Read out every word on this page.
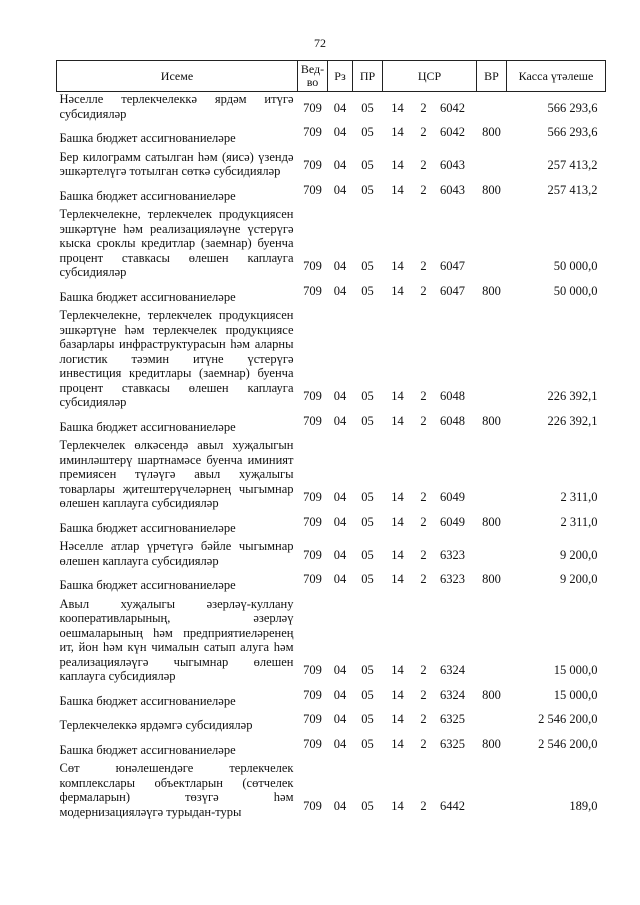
72
Исеме	Вед-во	Рз	ПР	ЦСР	ВР	Касса үтәлеше
Нәселле терлекчелеккә ярдәм итүгә субсидияләр	709	04	05	14 2 6042		566 293,6

Башка бюджет ассигнованиеләре	709	04	05	14 2 6042	800	566 293,6

Бер килограмм сатылган һәм (яисә) үзендә эшкәртелүгә тотылган сөткә субсидияләр	709	04	05	14 2 6043		257 413,2

Башка бюджет ассигнованиеләре	709	04	05	14 2 6043	800	257 413,2

Терлекчелекне, терлекчелек продукциясен эшкәртүне һәм реализацияләүне үстерүгә кыска сроклы кредитлар (заемнар) буенча процент ставкасы өлешен каплауга субсидияләр	709	04	05	14 2 6047		50 000,0

Башка бюджет ассигнованиеләре	709	04	05	14 2 6047	800	50 000,0

Терлекчелекне, терлекчелек продукциясен эшкәртүне һәм терлекчелек продукциясе базарлары инфраструктурасын һәм аларны логистик тәэмин итүне үстерүгә инвестиция кредитлары (заемнар) буенча процент ставкасы өлешен каплауга субсидияләр	709	04	05	14 2 6048		226 392,1

Башка бюджет ассигнованиеләре	709	04	05	14 2 6048	800	226 392,1

Терлекчелек өлкәсендә авыл хуҗалыгын иминләштерү шартнамәсе буенча иминият премиясен түләүгә авыл хуҗалыгы товарлары җитештерүчеләрнең чыгымнар өлешен каплауга субсидияләр	709	04	05	14 2 6049		2 311,0

Башка бюджет ассигнованиеләре	709	04	05	14 2 6049	800	2 311,0

Нәселле атлар үрчетүгә бәйле чыгымнар өлешен каплауга субсидияләр	709	04	05	14 2 6323		9 200,0

Башка бюджет ассигнованиеләре	709	04	05	14 2 6323	800	9 200,0

Авыл хуҗалыгы әзерләү-куллану кооперативларының, әзерләү оешмаларының һәм предприятиеләренең ит, йон һәм күн чималын сатып алуга һәм реализацияләүгә чыгымнар өлешен каплауга субсидияләр	709	04	05	14 2 6324		15 000,0

Башка бюджет ассигнованиеләре	709	04	05	14 2 6324	800	15 000,0

Терлекчелеккә ярдәмгә субсидияләр	709	04	05	14 2 6325		2 546 200,0

Башка бюджет ассигнованиеләре	709	04	05	14 2 6325	800	2 546 200,0

Сөт юнәлешендәге терлекчелек комплекслары объектларын (сөтчелек фермаларын) төзүгә һәм модернизацияләүгә турыдан-туры	709	04	05	14 2 6442		189,0
